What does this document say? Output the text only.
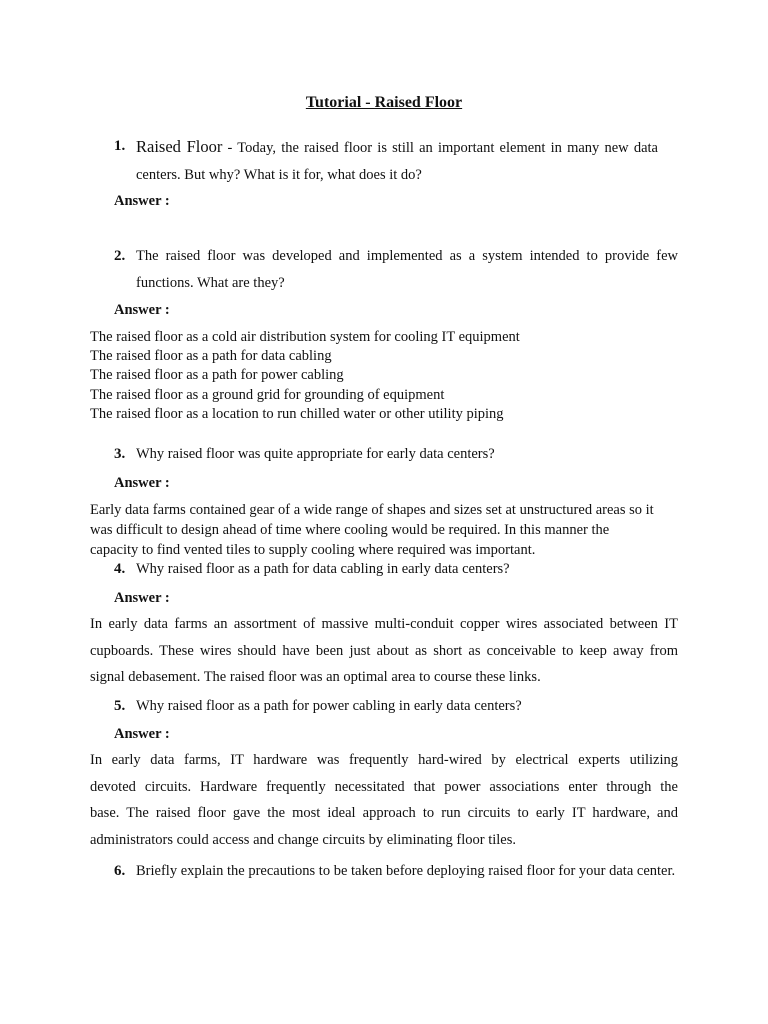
Tutorial - Raised Floor
1. Raised Floor - Today, the raised floor is still an important element in many new data centers. But why? What is it for, what does it do?
Answer :
2. The raised floor was developed and implemented as a system intended to provide few functions. What are they?
Answer :
The raised floor as a cold air distribution system for cooling IT equipment
The raised floor as a path for data cabling
The raised floor as a path for power cabling
The raised floor as a ground grid for grounding of equipment
The raised floor as a location to run chilled water or other utility piping
3. Why raised floor was quite appropriate for early data centers?
Answer :
Early data farms contained gear of a wide range of shapes and sizes set at unstructured areas so it
was difficult to design ahead of time where cooling would be required. In this manner the
capacity to find vented tiles to supply cooling where required was important.
4. Why raised floor as a path for data cabling in early data centers?
Answer :
In early data farms an assortment of massive multi-conduit copper wires associated between IT
cupboards. These wires should have been just about as short as conceivable to keep away from
signal debasement. The raised floor was an optimal area to course these links.
5. Why raised floor as a path for power cabling in early data centers?
Answer :
In early data farms, IT hardware was frequently hard-wired by electrical experts utilizing
devoted circuits. Hardware frequently necessitated that power associations enter through the
base. The raised floor gave the most ideal approach to run circuits to early IT hardware, and
administrators could access and change circuits by eliminating floor tiles.
6. Briefly explain the precautions to be taken before deploying raised floor for your data center.
